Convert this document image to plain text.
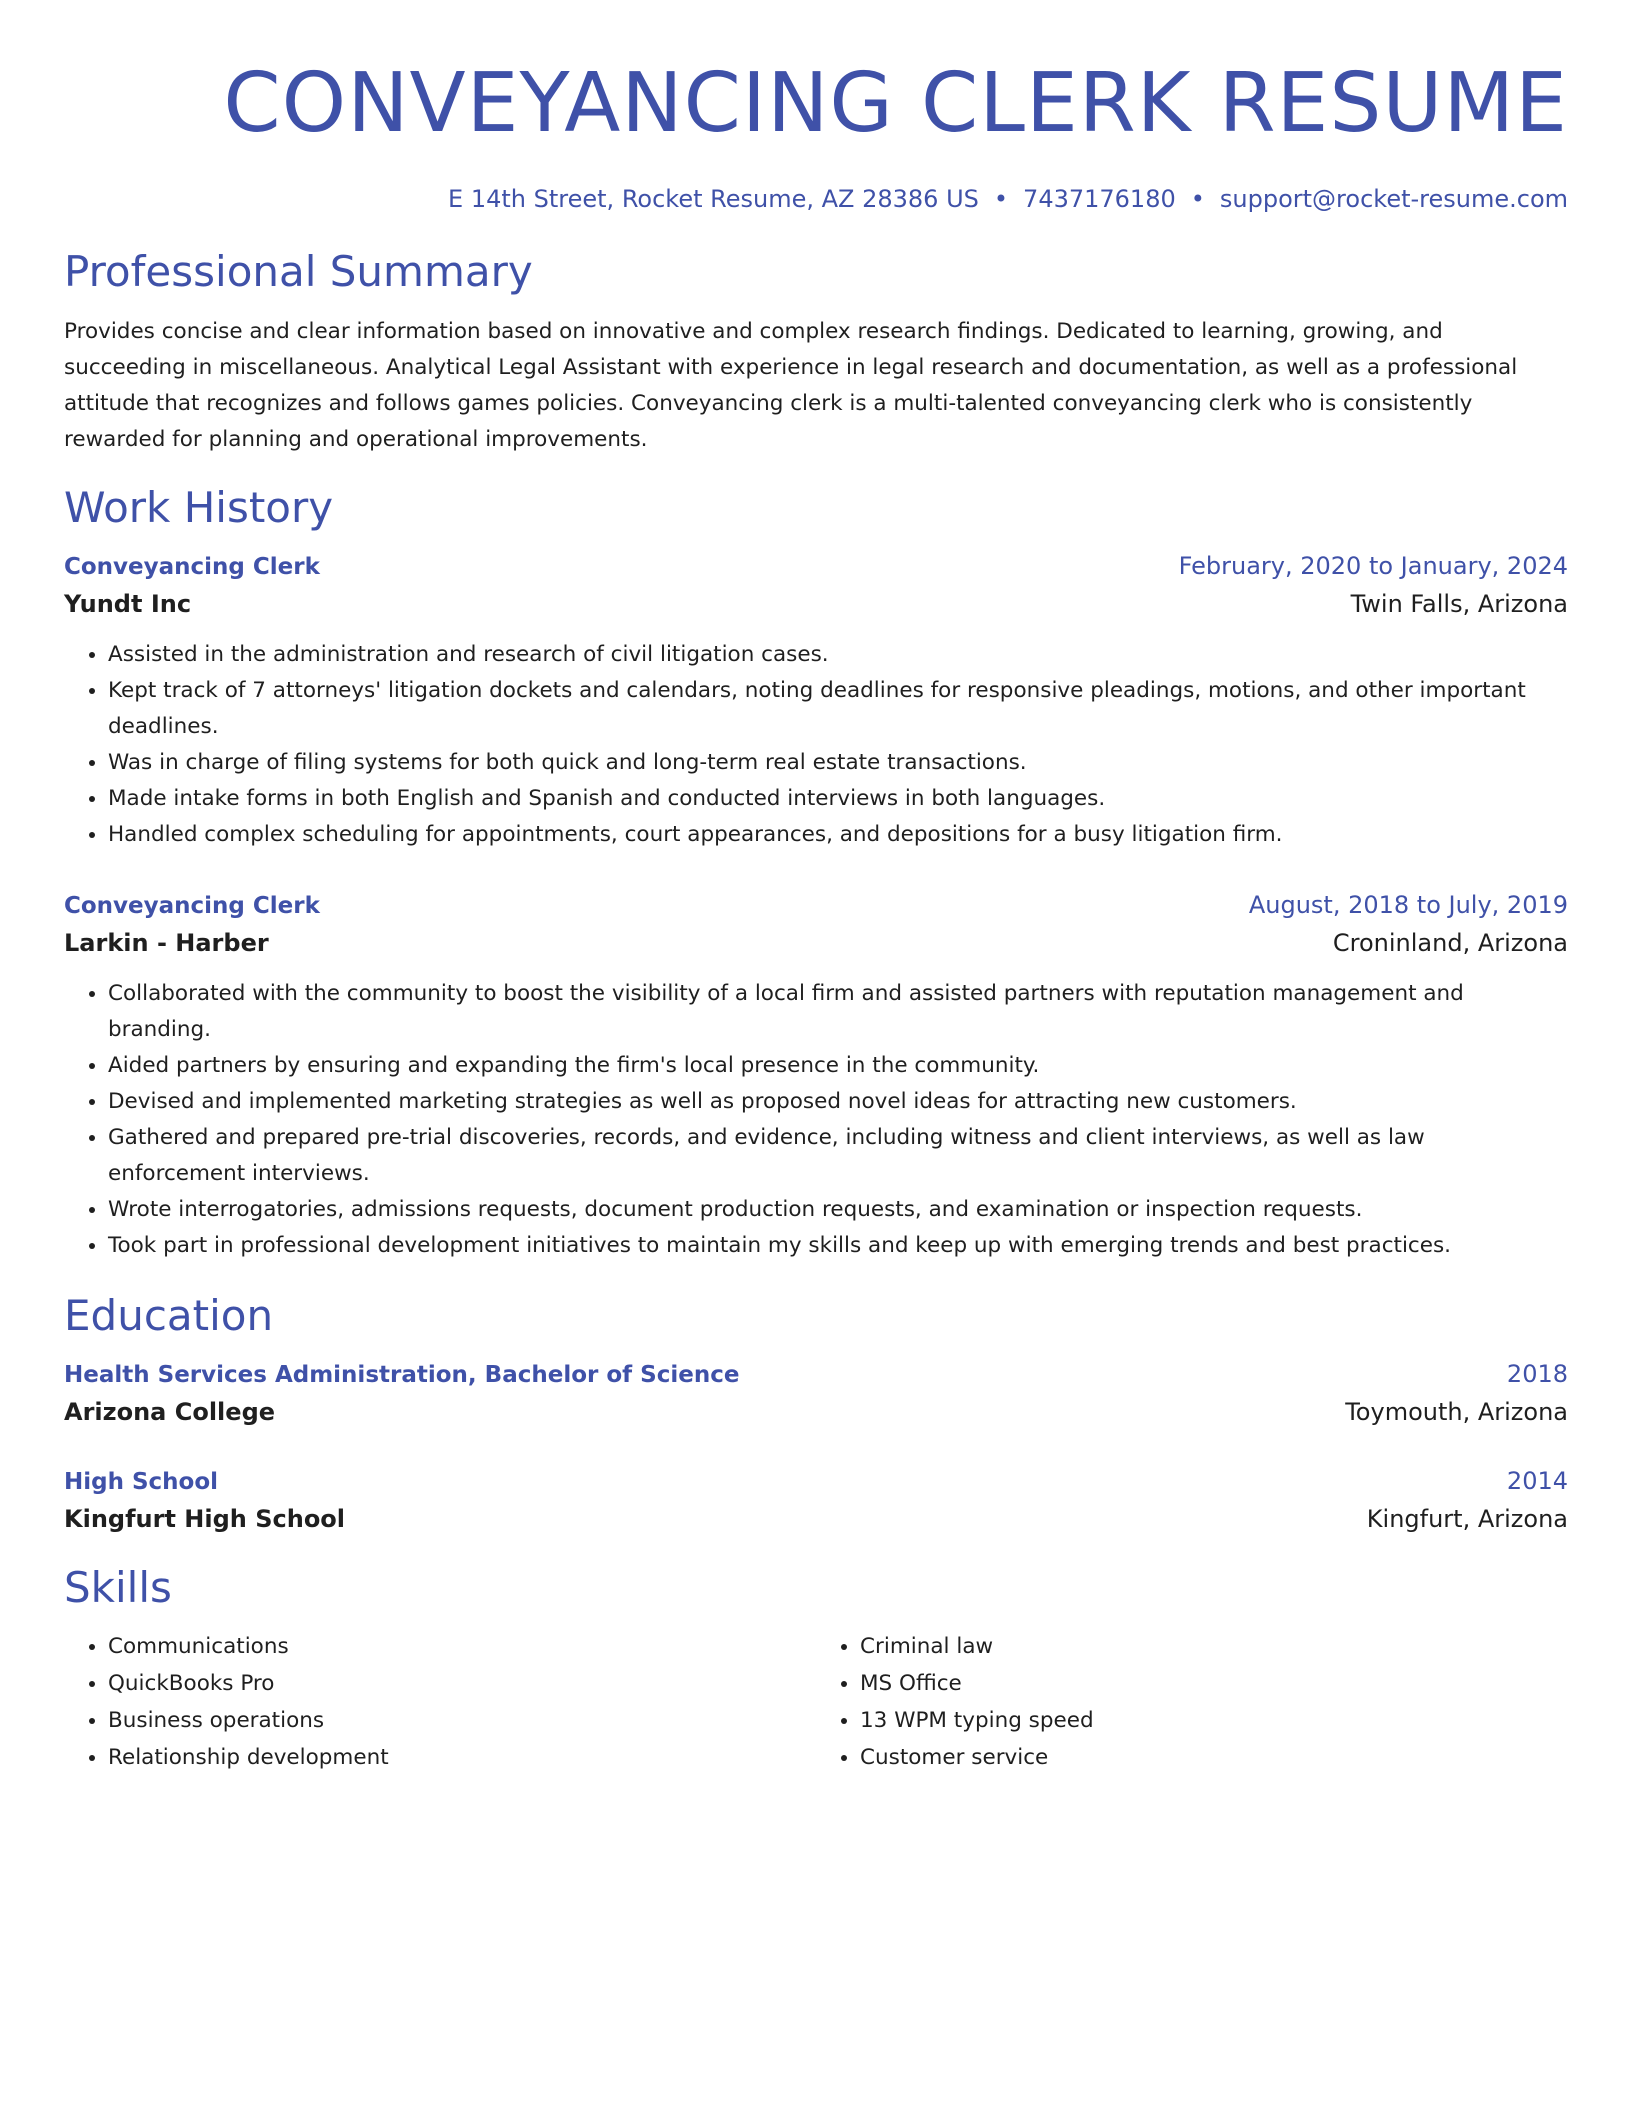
CONVEYANCING CLERK RESUME
E 14th Street, Rocket Resume, AZ 28386 US • 7437176180 • support@rocket-resume.com
Professional Summary

Provides concise and clear information based on innovative and complex research findings. Dedicated to learning, growing, and succeeding in miscellaneous. Analytical Legal Assistant with experience in legal research and documentation, as well as a professional attitude that recognizes and follows games policies. Conveyancing clerk is a multi-talented conveyancing clerk who is consistently rewarded for planning and operational improvements.

Work History
Conveyancing Clerk	February, 2020 to January, 2024
Yundt Inc	Twin Falls, Arizona
• Assisted in the administration and research of civil litigation cases.
• Kept track of 7 attorneys' litigation dockets and calendars, noting deadlines for responsive pleadings, motions, and other important deadlines.
• Was in charge of filing systems for both quick and long-term real estate transactions.
• Made intake forms in both English and Spanish and conducted interviews in both languages.
• Handled complex scheduling for appointments, court appearances, and depositions for a busy litigation firm.
Conveyancing Clerk	August, 2018 to July, 2019
Larkin - Harber	Croninland, Arizona
• Collaborated with the community to boost the visibility of a local firm and assisted partners with reputation management and branding.
• Aided partners by ensuring and expanding the firm's local presence in the community.
• Devised and implemented marketing strategies as well as proposed novel ideas for attracting new customers.
• Gathered and prepared pre-trial discoveries, records, and evidence, including witness and client interviews, as well as law enforcement interviews.
• Wrote interrogatories, admissions requests, document production requests, and examination or inspection requests.
• Took part in professional development initiatives to maintain my skills and keep up with emerging trends and best practices.
Education
Health Services Administration, Bachelor of Science	2018
Arizona College	Toymouth, Arizona
High School	2014
Kingfurt High School	Kingfurt, Arizona
Skills
• Communications
• QuickBooks Pro
• Business operations
• Relationship development
• Criminal law
• MS Office
• 13 WPM typing speed
• Customer service
